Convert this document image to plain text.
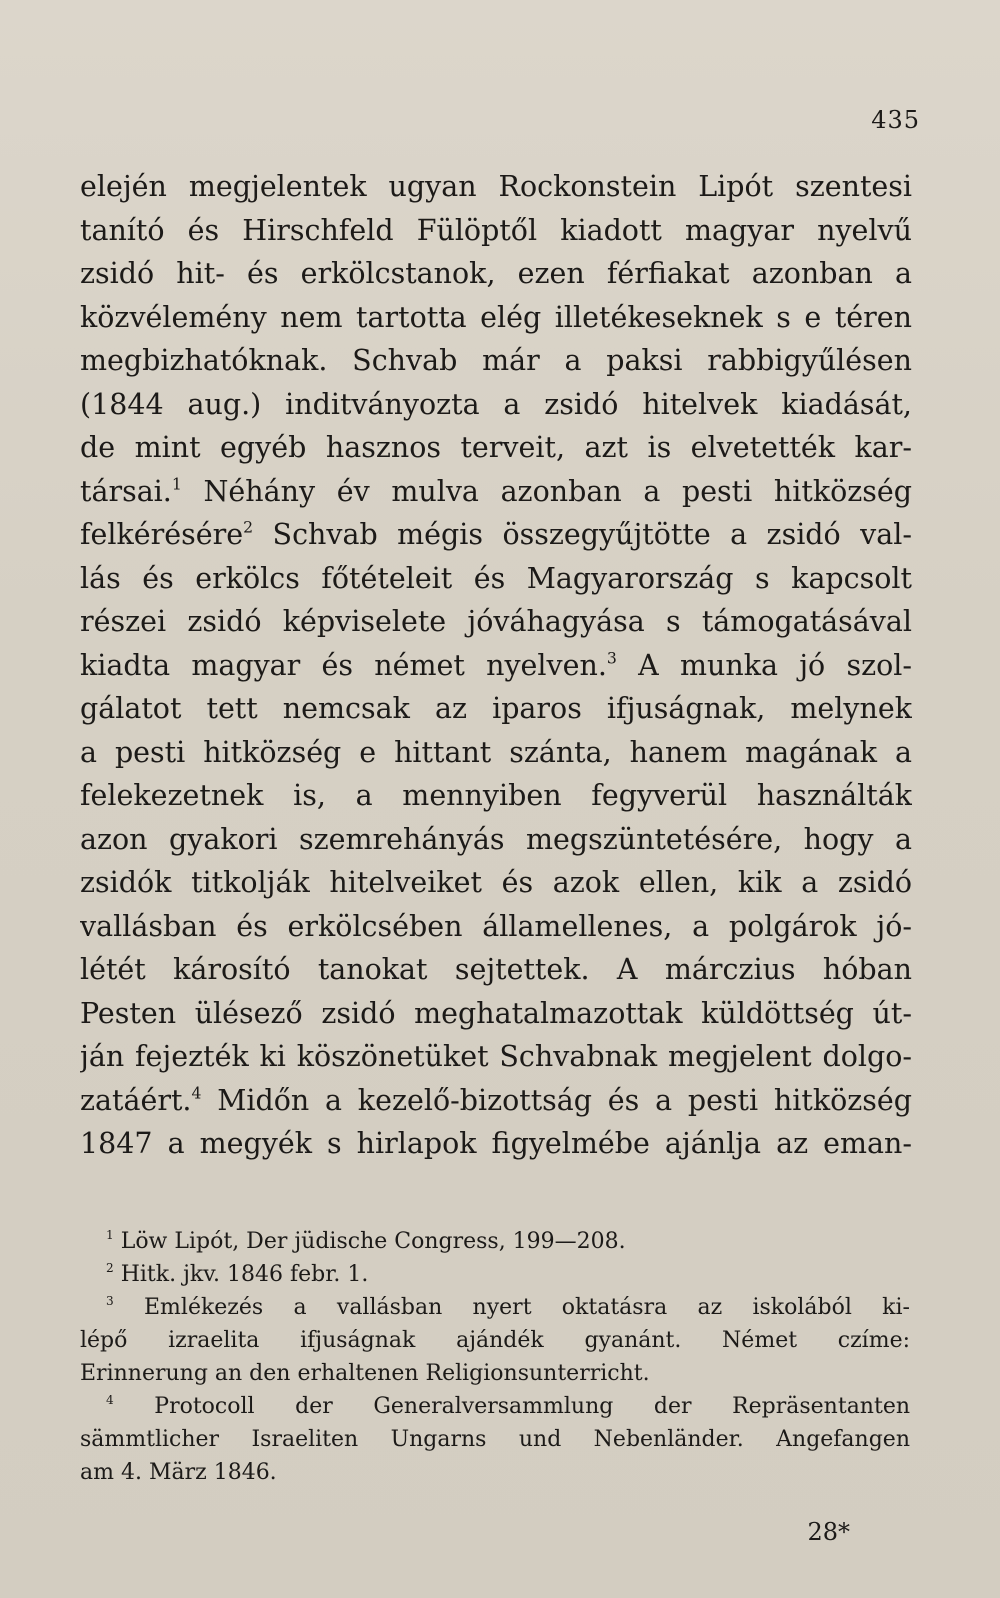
435
elején megjelentek ugyan Rockonstein Lipót szentesi
tanító és Hirschfeld Fülöptől kiadott magyar nyelvű
zsidó hit- és erkölcstanok, ezen férfiakat azonban a
közvélemény nem tartotta elég illetékeseknek s e téren
megbizhatóknak. Schvab már a paksi rabbigyűlésen
(1844 aug.) inditványozta a zsidó hitelvek kiadását,
de mint egyéb hasznos terveit, azt is elvetették kar-
társai.$^1$ Néhány év mulva azonban a pesti hitközség
felkérésére$^2$ Schvab mégis összegyűjtötte a zsidó val-
lás és erkölcs főtételeit és Magyarország s kapcsolt
részei zsidó képviselete jóváhagyása s támogatásával
kiadta magyar és német nyelven.$^3$ A munka jó szol-
gálatot tett nemcsak az iparos ifjuságnak, melynek
a pesti hitközség e hittant szánta, hanem magának a
felekezetnek is, a mennyiben fegyverül használták
azon gyakori szemrehányás megszüntetésére, hogy a
zsidók titkolják hitelveiket és azok ellen, kik a zsidó
vallásban és erkölcsében államellenes, a polgárok jó-
létét károsító tanokat sejtettek. A márczius hóban
Pesten ülésező zsidó meghatalmazottak küldöttség út-
ján fejezték ki köszönetüket Schvabnak megjelent dolgo-
zatáért.$^4$ Midőn a kezelő-bizottság és a pesti hitközség
1847 a megyék s hirlapok figyelmébe ajánlja az eman-
$^1$ Löw Lipót, Der jüdische Congress, 199—208.
$^2$ Hitk. jkv. 1846 febr. 1.
$^3$ Emlékezés a vallásban nyert oktatásra az iskolából ki-
lépő izraelita ifjuságnak ajándék gyanánt. Német czíme:
Erinnerung an den erhaltenen Religionsunterricht.
$^4$ Protocoll der Generalversammlung der Repräsentanten
sämmtlicher Israeliten Ungarns und Nebenländer. Angefangen
am 4. März 1846.
28*
